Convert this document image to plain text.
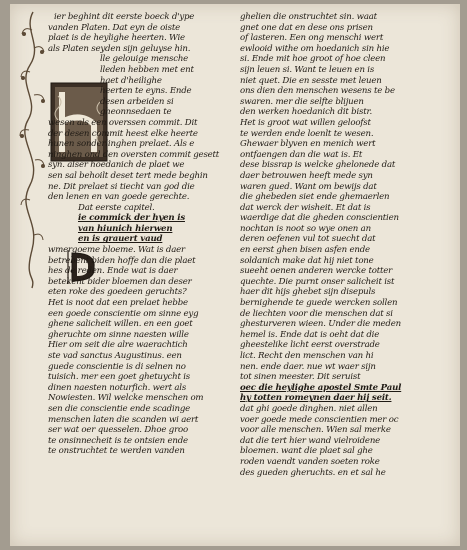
ier beghint dit eerste boeck d'ype
vanden Platen. Dat eyn de oiste
plaet is de heylighe heerten. Wie
als Platen seyden sijn geluyse hin.
lle gelouige mensche
lleden hebben met ent
haet d'heilighe
heerten te eyns. Ende
desen arbeiden si
gheonnsedaen te
wesen als een overssen commit. Dit
der desen commit heest elke heerte
hunen sonderlinghen prelaet. Als e
ninghen ond den oversten commit gesett
syn. alser hoedanich de plaet we
sen sal behoilt deset tert mede beghin
ne. Dit prelaet si tiecht van god die
den lenen en van goede gerechte.
Dat eerste capitel.
ie commick der hyen is
van hiunich hierwen
en is grauert vaud
wmergoeme bloeme. Wat is daer
betrebent biden hoffe dan die plaet
hes de reden. Ende wat is daer
betekent bider bloemen dan deser
eten roke des goedeen geruchts?
Het is noot dat een prelaet hebbe
een goede conscientie om sinne eyg
ghene salicheit willen. en een goet
gheruchte om sinne naesten wille
Hier om seit die alre waerachtich
ste vad sanctus Augustinus. een
guede conscientie is di selnen no
tuisich. mer een goet ghetuycht is
dinen naesten noturfich. wert als
Nowiesten. Wil welcke menschen om
sen die conscientie ende scadinge
menschen laten die scanden wi aert
ser wat oer quesselen. Dhoe groo
te onsinnecheit is te ontsien ende
te onstruchtet te werden vanden
ghelien die onstruchtet sin. waat
gnet one dat en dese ons prisen
of lasteren. Een ong menschi wert
ewlooid withe om hoedanich sin hie
si. Ende mit hoe groot of hoe cleen
sijn leuen si. Want te leuen en is
niet quet. Die en sesste met leuen
ons dien den menschen wesens te be
swaren. mer die selfte blijuen
den werken hoedanich dit bistr.
Het is groot wat willen geloofst
te werden ende loenlt te wesen.
Ghewaer blyven en menich wert
ontfaengen dan die wat is. Et
dese bissrap is welcke ghelonede dat
daer betrouwen heeft mede syn
waren gued. Want om bewijs dat
die ghebeden siet ende ghemaerlen
dat werck der wisheit. Et dat is
waerdige dat die gheden conscientien
nochtan is noot so wye onen an
deren oefenen vul tot suecht dat
en eerst ghen bisen asfen ende
soldanich make dat hij niet tone
sueeht oenen anderen wercke totter
quechte. Die purnt onser salicheit ist
haer dit hijs ghebet sijn disepuls
bernighende te guede wercken sollen
de liechten voor die menschen dat si
ghesturveren wieen. Under die meden
hemel is. Ende dat is oeht dat die
gheestelike licht eerst overstrade
lict. Recht den menschen van hi
nen. ende daer. nue wt waer sijn
tot sinen meester. Dit seruist
oec die heylighe apostel Smte Paul
hy totten romeynen daer hij seit.
dat ghi goede dinghen. niet allen
voer goede mede conscientien mer oc
voor alle menschen. Wien sal merke
dat die tert hier wand vielroidene
bloemen. want die plaet sal ghe
roden vaendt vanden soeten roke
des gueden gheruchts. en et sal he
